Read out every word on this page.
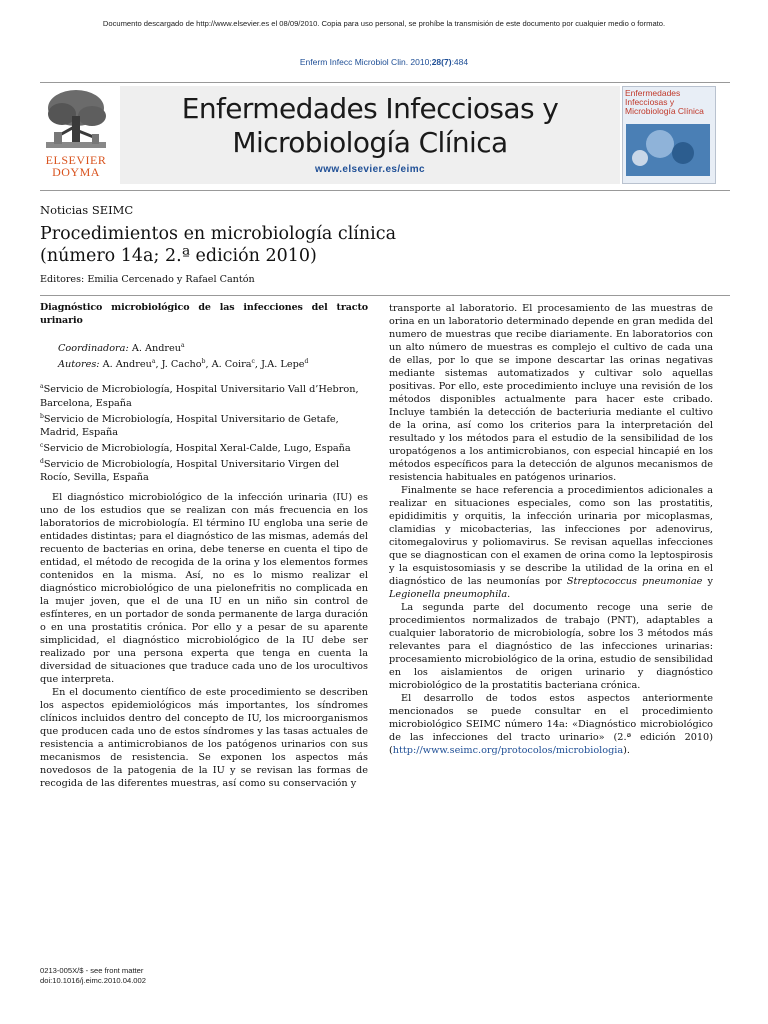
Documento descargado de http://www.elsevier.es el 08/09/2010. Copia para uso personal, se prohíbe la transmisión de este documento por cualquier medio o formato.
Enferm Infecc Microbiol Clin. 2010;28(7):484
ELSEVIER
DOYMA
Enfermedades Infecciosas y
Microbiología Clínica
www.elsevier.es/eimc
Enfermedades Infecciosas y Microbiología Clínica
Noticias SEIMC
Procedimientos en microbiología clínica
(número 14a; 2.ª edición 2010)
Editores: Emilia Cercenado y Rafael Cantón

Diagnóstico microbiológico de las infecciones del tracto urinario

Coordinadora: A. Andreu$^a$
Autores: A. Andreu$^a$, J. Cacho$^b$, A. Coira$^c$, J.A. Lepe$^d$

$^a$Servicio de Microbiología, Hospital Universitario Vall d’Hebron, Barcelona, España

$^b$Servicio de Microbiología, Hospital Universitario de Getafe, Madrid, España

$^c$Servicio de Microbiología, Hospital Xeral-Calde, Lugo, España

$^d$Servicio de Microbiología, Hospital Universitario Virgen del Rocío, Sevilla, España

El diagnóstico microbiológico de la infección urinaria (IU) es uno de los estudios que se realizan con más frecuencia en los laboratorios de microbiología. El término IU engloba una serie de entidades distintas; para el diagnóstico de las mismas, además del recuento de bacterias en orina, debe tenerse en cuenta el tipo de entidad, el método de recogida de la orina y los elementos formes contenidos en la misma. Así, no es lo mismo realizar el diagnóstico microbiológico de una pielonefritis no complicada en la mujer joven, que el de una IU en un niño sin control de esfínteres, en un portador de sonda permanente de larga duración o en una prostatitis crónica. Por ello y a pesar de su aparente simplicidad, el diagnóstico microbiológico de la IU debe ser realizado por una persona experta que tenga en cuenta la diversidad de situaciones que traduce cada uno de los urocultivos que interpreta.

En el documento científico de este procedimiento se describen los aspectos epidemiológicos más importantes, los síndromes clínicos incluidos dentro del concepto de IU, los microorganismos que producen cada uno de estos síndromes y las tasas actuales de resistencia a antimicrobianos de los patógenos urinarios con sus mecanismos de resistencia. Se exponen los aspectos más novedosos de la patogenia de la IU y se revisan las formas de recogida de las diferentes muestras, así como su conservación y

transporte al laboratorio. El procesamiento de las muestras de orina en un laboratorio determinado depende en gran medida del numero de muestras que recibe diariamente. En laboratorios con un alto número de muestras es complejo el cultivo de cada una de ellas, por lo que se impone descartar las orinas negativas mediante sistemas automatizados y cultivar solo aquellas positivas. Por ello, este procedimiento incluye una revisión de los métodos disponibles actualmente para hacer este cribado. Incluye también la detección de bacteriuria mediante el cultivo de la orina, así como los criterios para la interpretación del resultado y los métodos para el estudio de la sensibilidad de los uropatógenos a los antimicrobianos, con especial hincapié en los métodos específicos para la detección de algunos mecanismos de resistencia habituales en patógenos urinarios.

Finalmente se hace referencia a procedimientos adicionales a realizar en situaciones especiales, como son las prostatitis, epididimitis y orquitis, la infección urinaria por micoplasmas, clamidias y micobacterias, las infecciones por adenovirus, citomegalovirus y poliomavirus. Se revisan aquellas infecciones que se diagnostican con el examen de orina como la leptospirosis y la esquistosomiasis y se describe la utilidad de la orina en el diagnóstico de las neumonías por Streptococcus pneumoniae y Legionella pneumophila.

La segunda parte del documento recoge una serie de procedimientos normalizados de trabajo (PNT), adaptables a cualquier laboratorio de microbiología, sobre los 3 métodos más relevantes para el diagnóstico de las infecciones urinarias: procesamiento microbiológico de la orina, estudio de sensibilidad en los aislamientos de origen urinario y diagnóstico microbiológico de la prostatitis bacteriana crónica.

El desarrollo de todos estos aspectos anteriormente mencionados se puede consultar en el procedimiento microbiológico SEIMC número 14a: «Diagnóstico microbiológico de las infecciones del tracto urinario» (2.ª edición 2010) (http://www.seimc.org/protocolos/microbiologia).

0213-005X/$ - see front matter
doi:10.1016/j.eimc.2010.04.002
